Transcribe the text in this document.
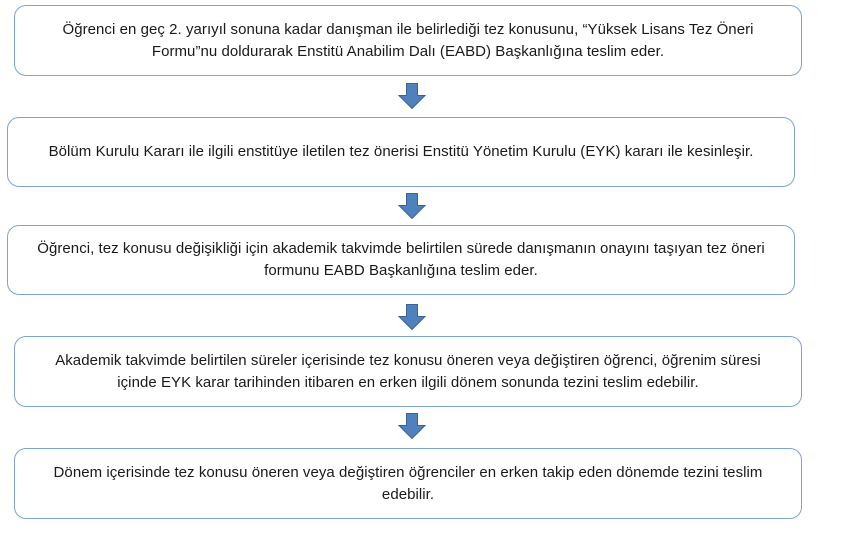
Öğrenci en geç 2. yarıyıl sonuna kadar danışman ile belirlediği tez konusunu, “Yüksek Lisans Tez Öneri Formu”nu doldurarak Enstitü Anabilim Dalı (EABD) Başkanlığına teslim eder.
Bölüm Kurulu Kararı ile ilgili enstitüye iletilen tez önerisi Enstitü Yönetim Kurulu (EYK) kararı ile kesinleşir.
Öğrenci, tez konusu değişikliği için akademik takvimde belirtilen sürede danışmanın onayını taşıyan tez öneri formunu EABD Başkanlığına teslim eder.
Akademik takvimde belirtilen süreler içerisinde tez konusu öneren veya değiştiren öğrenci, öğrenim süresi içinde EYK karar tarihinden itibaren en erken ilgili dönem sonunda tezini teslim edebilir.
Dönem içerisinde tez konusu öneren veya değiştiren öğrenciler en erken takip eden dönemde tezini teslim edebilir.
